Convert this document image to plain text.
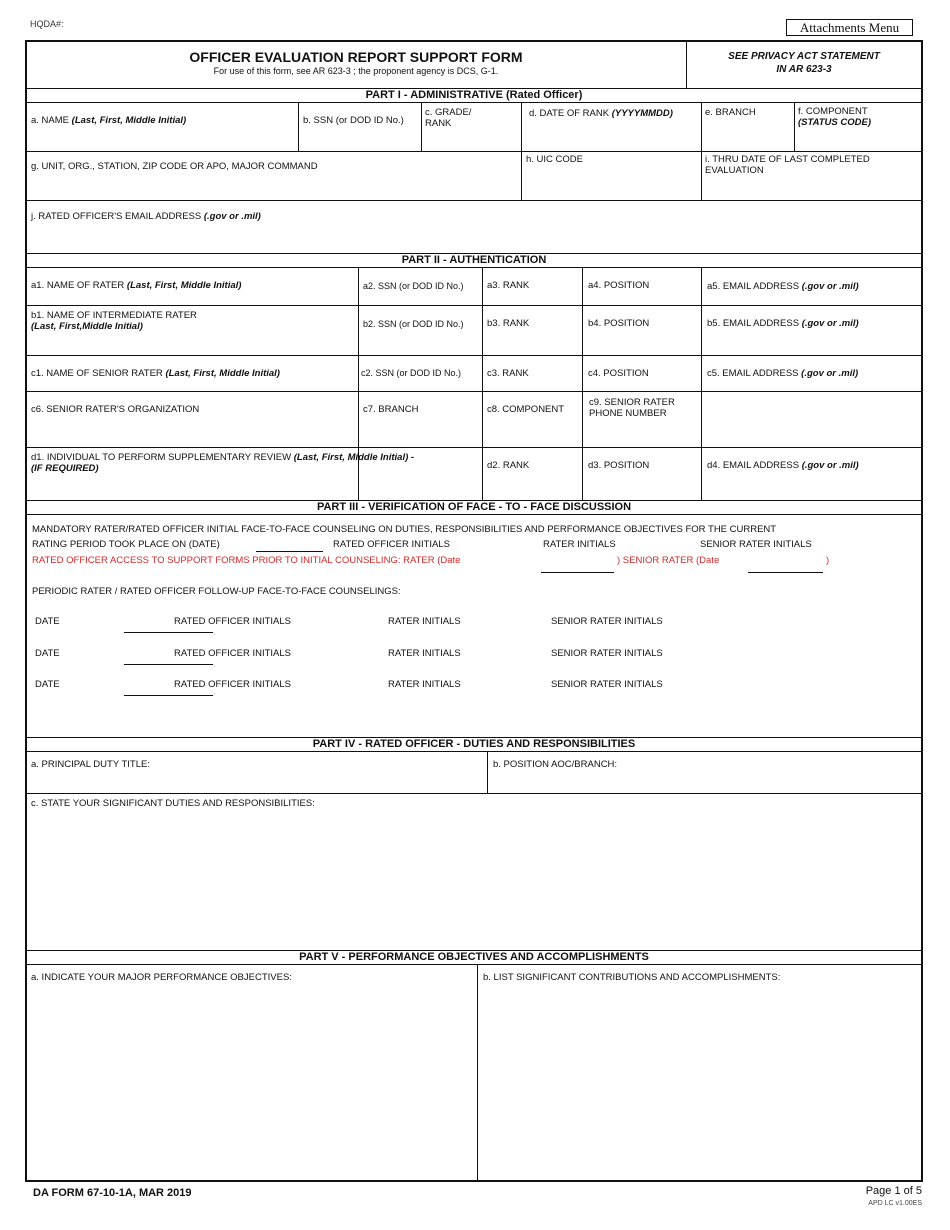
HQDA#:	Attachments Menu
OFFICER EVALUATION REPORT SUPPORT FORM
For use of this form, see AR 623-3 ; the proponent agency is DCS, G-1.
SEE PRIVACY ACT STATEMENT
IN AR 623-3
PART I - ADMINISTRATIVE (Rated Officer)
a. NAME (Last, First, Middle Initial)	b. SSN (or DOD ID No.)
c. GRADE/
RANK
d. DATE OF RANK (YYYYMMDD)	e. BRANCH	f. COMPONENT
(STATUS CODE)
g. UNIT, ORG., STATION, ZIP CODE OR APO, MAJOR COMMAND
h. UIC CODE	i. THRU DATE OF LAST COMPLETED
EVALUATION
j. RATED OFFICER'S EMAIL ADDRESS (.gov or .mil)
PART II - AUTHENTICATION
a1. NAME OF RATER (Last, First, Middle Initial)	a2. SSN (or DOD ID No.) a3. RANK	a4. POSITION	a5. EMAIL ADDRESS (.gov or .mil)
b1. NAME OF INTERMEDIATE RATER
(Last, First,Middle Initial)	b2. SSN (or DOD ID No.) b3. RANK	b4. POSITION	b5. EMAIL ADDRESS (.gov or .mil)
c1. NAME OF SENIOR RATER (Last, First, Middle Initial)	c2. SSN (or DOD ID No.)	c3. RANK	c4. POSITION	c5. EMAIL ADDRESS (.gov or .mil)
c6. SENIOR RATER'S ORGANIZATION	c7. BRANCH	c8. COMPONENT
c9. SENIOR RATER
PHONE NUMBER
d1. INDIVIDUAL TO PERFORM SUPPLEMENTARY REVIEW (Last, First, Middle Initial) -
(IF REQUIRED)	d2. RANK	d3. POSITION	d4. EMAIL ADDRESS (.gov or .mil)
PART III - VERIFICATION OF FACE - TO - FACE DISCUSSION
MANDATORY RATER/RATED OFFICER INITIAL FACE-TO-FACE COUNSELING ON DUTIES, RESPONSIBILITIES AND PERFORMANCE OBJECTIVES FOR THE CURRENT
RATING PERIOD TOOK PLACE ON (DATE)	RATED OFFICER INITIALS	RATER INITIALS	SENIOR RATER INITIALS
RATED OFFICER ACCESS TO SUPPORT FORMS PRIOR TO INITIAL COUNSELING: RATER (Date	) SENIOR RATER (Date	)
PERIODIC RATER / RATED OFFICER FOLLOW-UP FACE-TO-FACE COUNSELINGS:
DATE	RATED OFFICER INITIALS	RATER INITIALS	SENIOR RATER INITIALS
DATE	RATED OFFICER INITIALS	RATER INITIALS	SENIOR RATER INITIALS
DATE	RATED OFFICER INITIALS	RATER INITIALS	SENIOR RATER INITIALS
PART IV - RATED OFFICER - DUTIES AND RESPONSIBILITIES
a. PRINCIPAL DUTY TITLE:	b. POSITION AOC/BRANCH:
c. STATE YOUR SIGNIFICANT DUTIES AND RESPONSIBILITIES:
PART V - PERFORMANCE OBJECTIVES AND ACCOMPLISHMENTS
a. INDICATE YOUR MAJOR PERFORMANCE OBJECTIVES:	b. LIST SIGNIFICANT CONTRIBUTIONS AND ACCOMPLISHMENTS:
DA FORM 67-10-1A, MAR 2019	Page 1 of 5
APD LC v1.00ES
